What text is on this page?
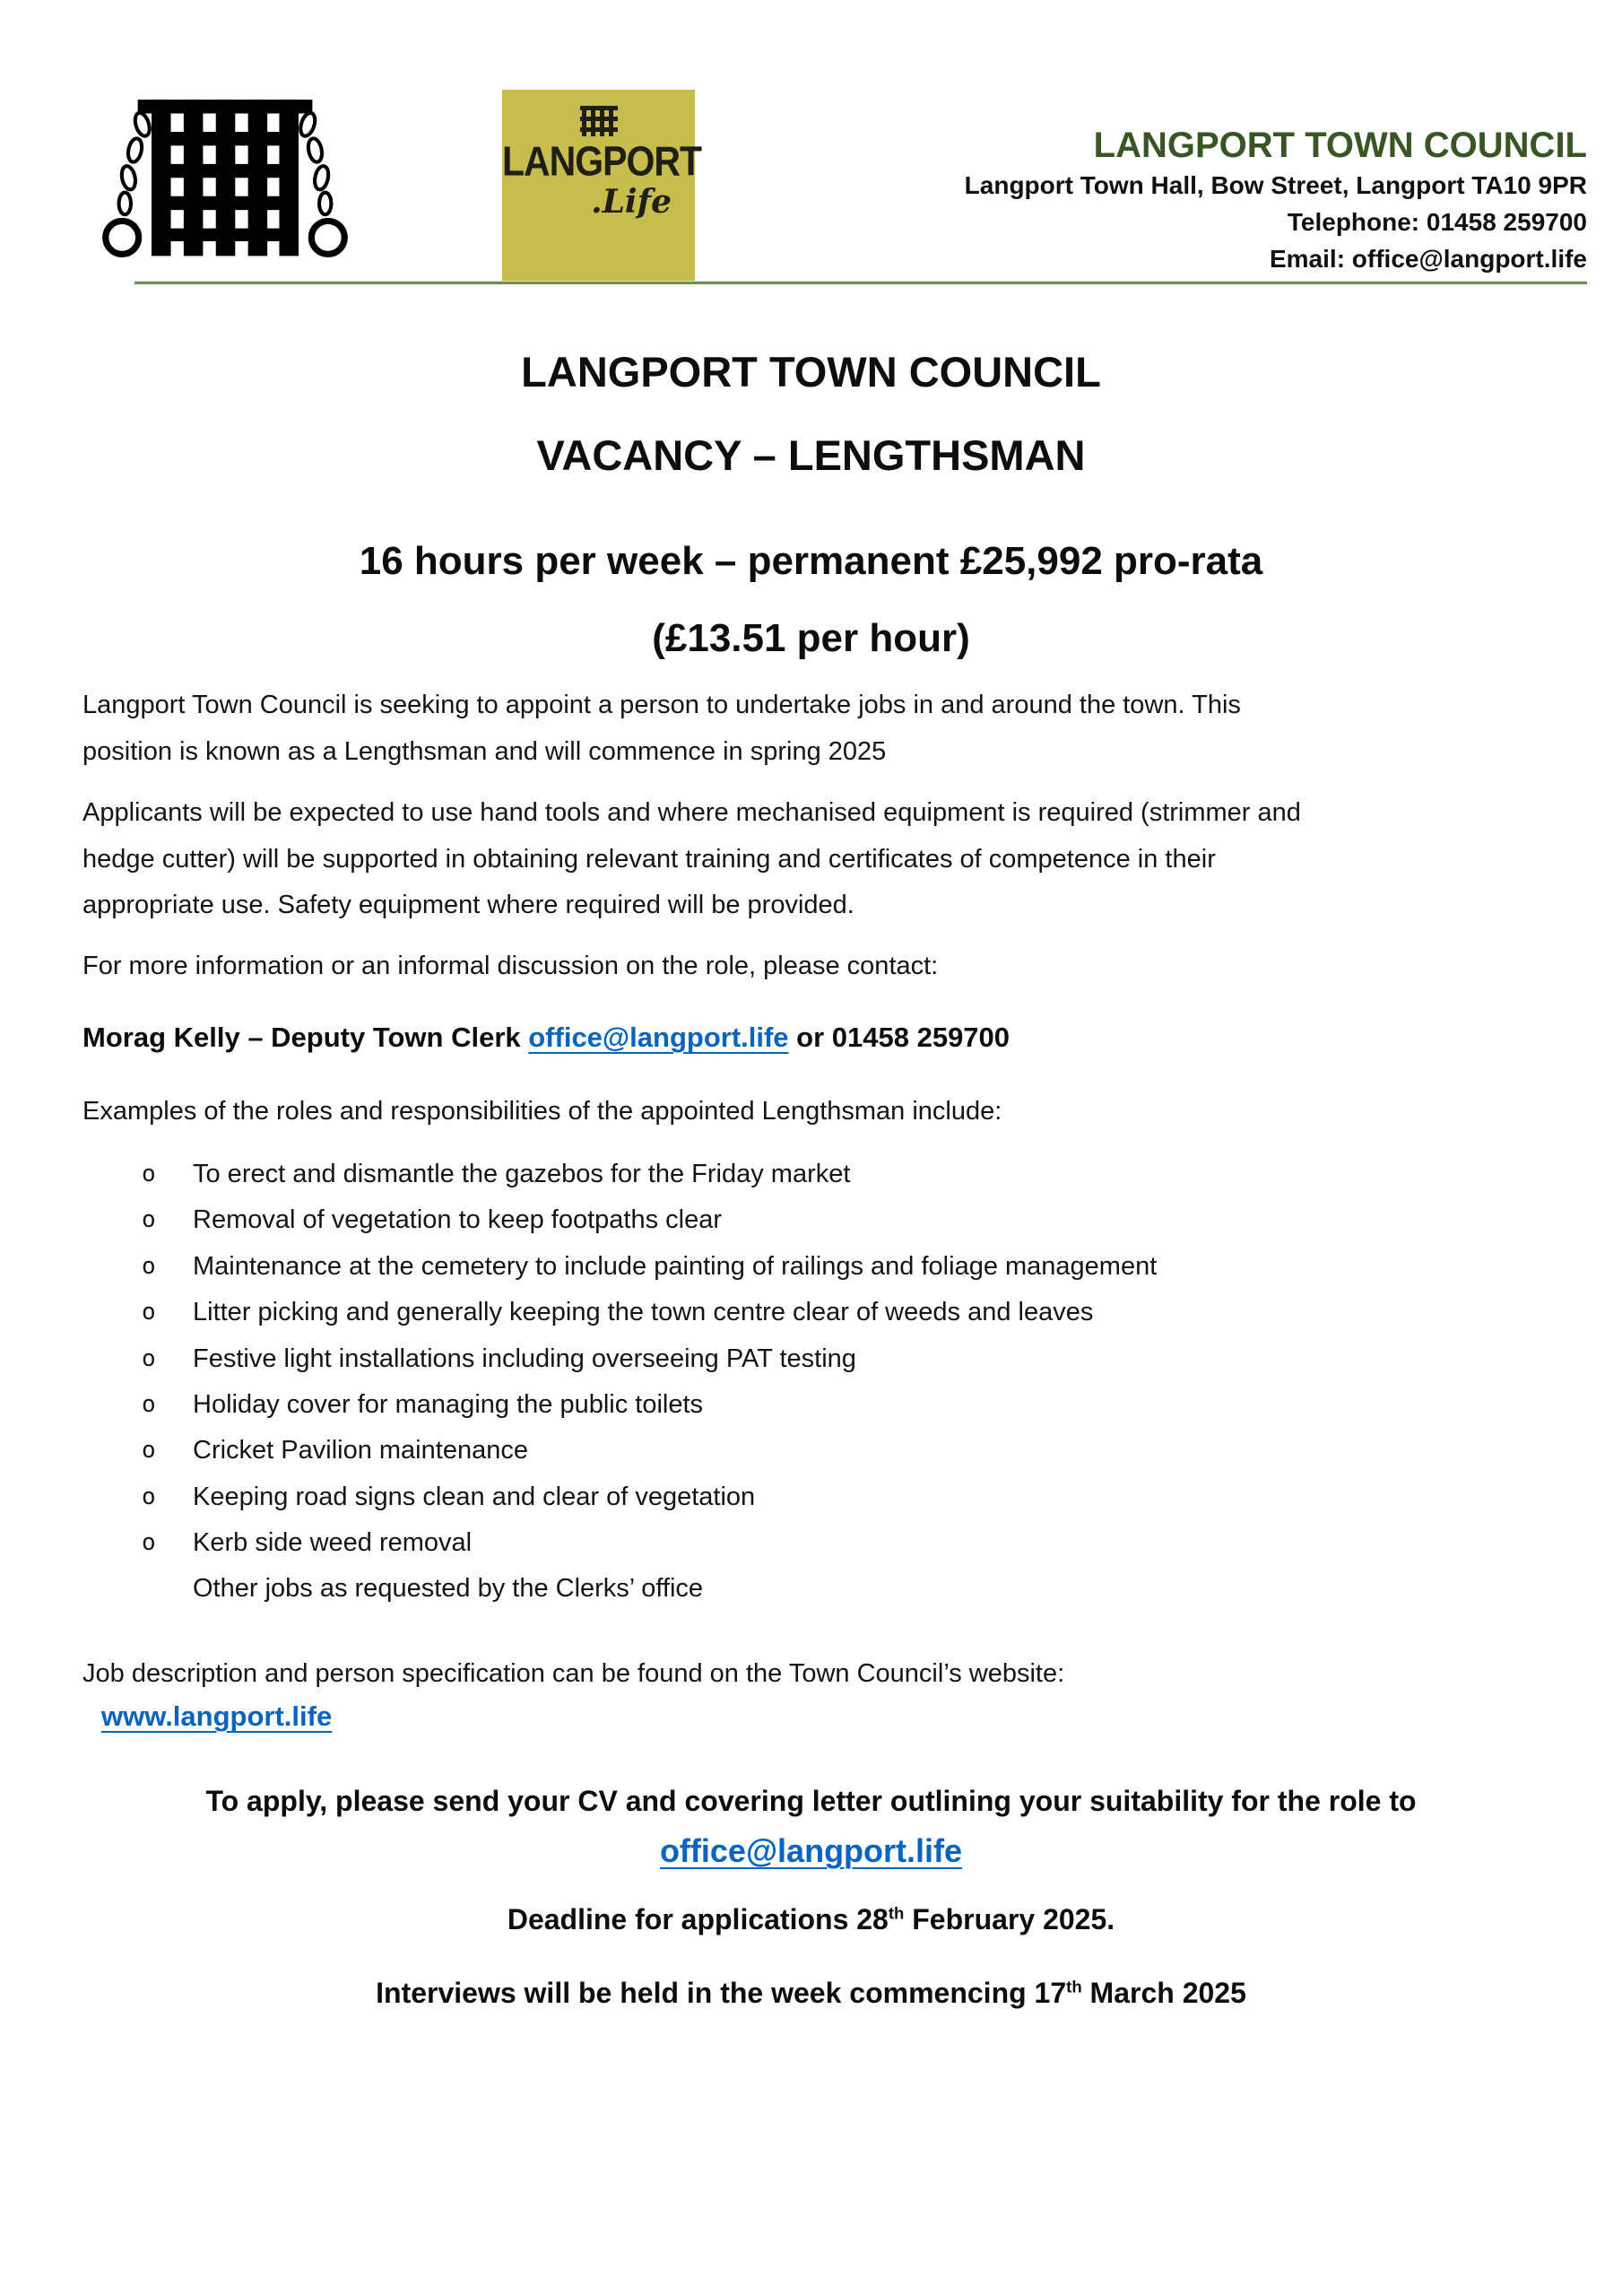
LANGPORT
.Life
LANGPORT TOWN COUNCIL
Langport Town Hall, Bow Street, Langport TA10 9PR
Telephone: 01458 259700
Email: office@langport.life
LANGPORT TOWN COUNCIL
VACANCY – LENGTHSMAN
16 hours per week – permanent £25,992 pro-rata
(£13.51 per hour)
Langport Town Council is seeking to appoint a person to undertake jobs in and around the town. This
position is known as a Lengthsman and will commence in spring 2025
Applicants will be expected to use hand tools and where mechanised equipment is required (strimmer and
hedge cutter) will be supported in obtaining relevant training and certificates of competence in their
appropriate use. Safety equipment where required will be provided.
For more information or an informal discussion on the role, please contact:
Morag Kelly – Deputy Town Clerk office@langport.life or 01458 259700
Examples of the roles and responsibilities of the appointed Lengthsman include:
o To erect and dismantle the gazebos for the Friday market
o Removal of vegetation to keep footpaths clear
o Maintenance at the cemetery to include painting of railings and foliage management
o Litter picking and generally keeping the town centre clear of weeds and leaves
o Festive light installations including overseeing PAT testing
o Holiday cover for managing the public toilets
o Cricket Pavilion maintenance
o Keeping road signs clean and clear of vegetation
o Kerb side weed removal
Other jobs as requested by the Clerks’ office
Job description and person specification can be found on the Town Council’s website:
www.langport.life
To apply, please send your CV and covering letter outlining your suitability for the role to
office@langport.life
Deadline for applications 28th February 2025.
Interviews will be held in the week commencing 17th March 2025
